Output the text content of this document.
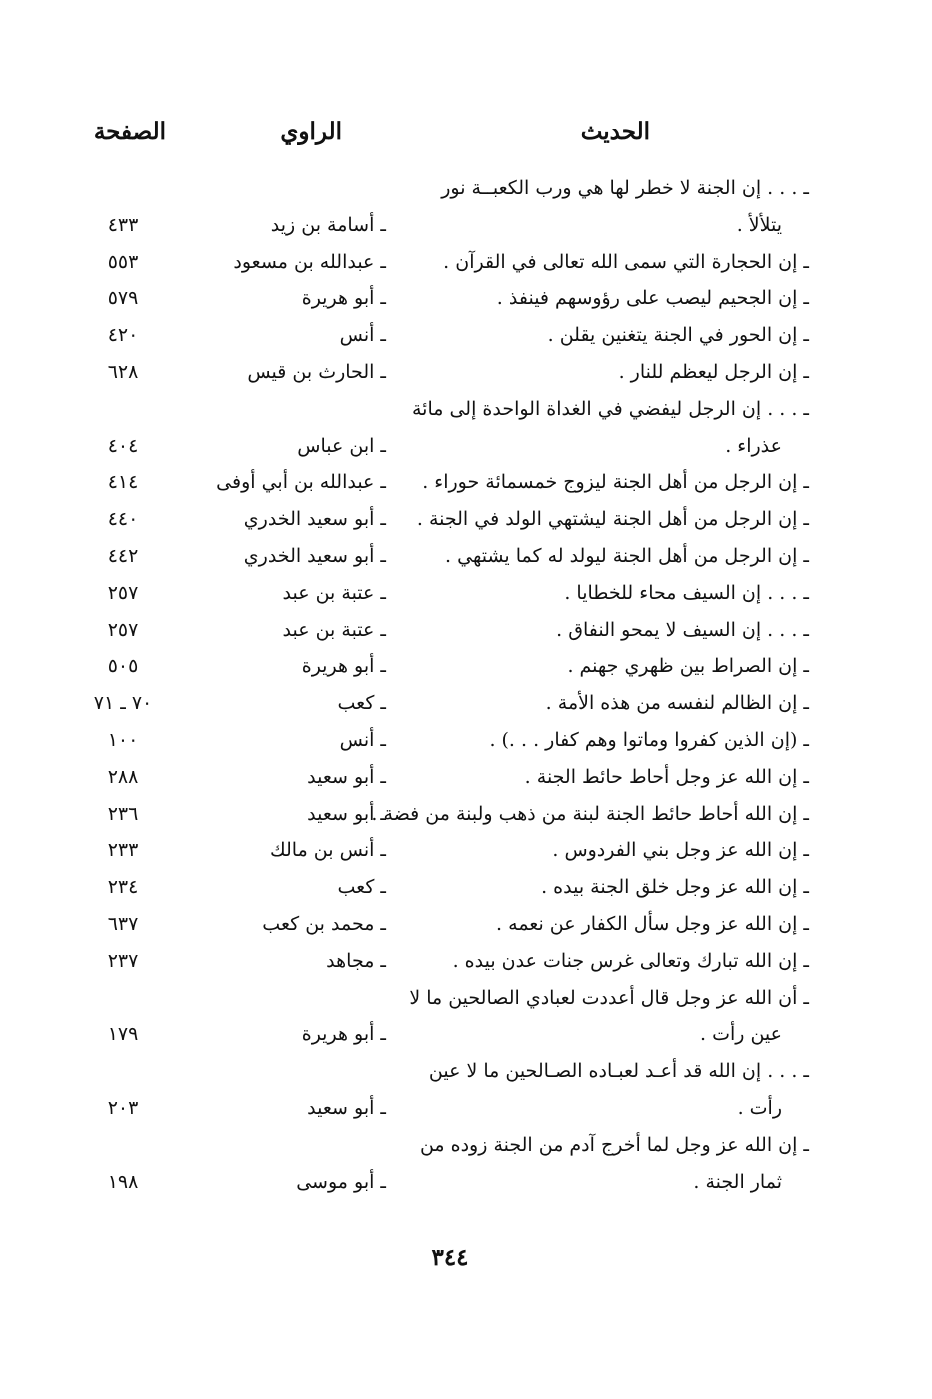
الحديث
الراوي
الصفحة
ـ . . . إن الجنة لا خطر لها هي ورب الكعبــة نور
يتلألأ .
ـ أسامة بن زيد
٤٣٣
ـ إن الحجارة التي سمى الله تعالى في القرآن .
ـ عبدالله بن مسعود
٥٥٣
ـ إن الجحيم ليصب على رؤوسهم فينفذ .
ـ أبو هريرة
٥٧٩
ـ إن الحور في الجنة يتغنين يقلن .
ـ أنس
٤٢٠
ـ إن الرجل ليعظم للنار .
ـ الحارث بن قيس
٦٢٨
ـ . . . إن الرجل ليفضي في الغداة الواحدة إلى مائة
عذراء .
ـ ابن عباس
٤٠٤
ـ إن الرجل من أهل الجنة ليزوج خمسمائة حوراء .
ـ عبدالله بن أبي أوفى
٤١٤
ـ إن الرجل من أهل الجنة ليشتهي الولد في الجنة .
ـ أبو سعيد الخدري
٤٤٠
ـ إن الرجل من أهل الجنة ليولد له كما يشتهي .
ـ أبو سعيد الخدري
٤٤٢
ـ . . . إن السيف محاء للخطايا .
ـ عتبة بن عبد
٢٥٧
ـ . . . إن السيف لا يمحو النفاق .
ـ عتبة بن عبد
٢٥٧
ـ إن الصراط بين ظهري جهنم .
ـ أبو هريرة
٥٠٥
ـ إن الظالم لنفسه من هذه الأمة .
ـ كعب
٧٠ ـ ٧١
ـ (إن الذين كفروا وماتوا وهم كفار . . .) .
ـ أنس
١٠٠
ـ إن الله عز وجل أحاط حائط الجنة .
ـ أبو سعيد
٢٨٨
ـ إن الله أحاط حائط الجنة لبنة من ذهب ولبنة من فضة .
ـ أبو سعيد
٢٣٦
ـ إن الله عز وجل بني الفردوس .
ـ أنس بن مالك
٢٣٣
ـ إن الله عز وجل خلق الجنة بيده .
ـ كعب
٢٣٤
ـ إن الله عز وجل سأل الكفار عن نعمه .
ـ محمد بن كعب
٦٣٧
ـ إن الله تبارك وتعالى غرس جنات عدن بيده .
ـ مجاهد
٢٣٧
ـ أن الله عز وجل قال أعددت لعبادي الصالحين ما لا
عين رأت .
ـ أبو هريرة
١٧٩
ـ . . . إن الله قد أعـد لعبـاده الصـالحين ما لا عين
رأت .
ـ أبو سعيد
٢٠٣
ـ إن الله عز وجل لما أخرج آدم من الجنة زوده من
ثمار الجنة .
ـ أبو موسى
١٩٨
٣٤٤
